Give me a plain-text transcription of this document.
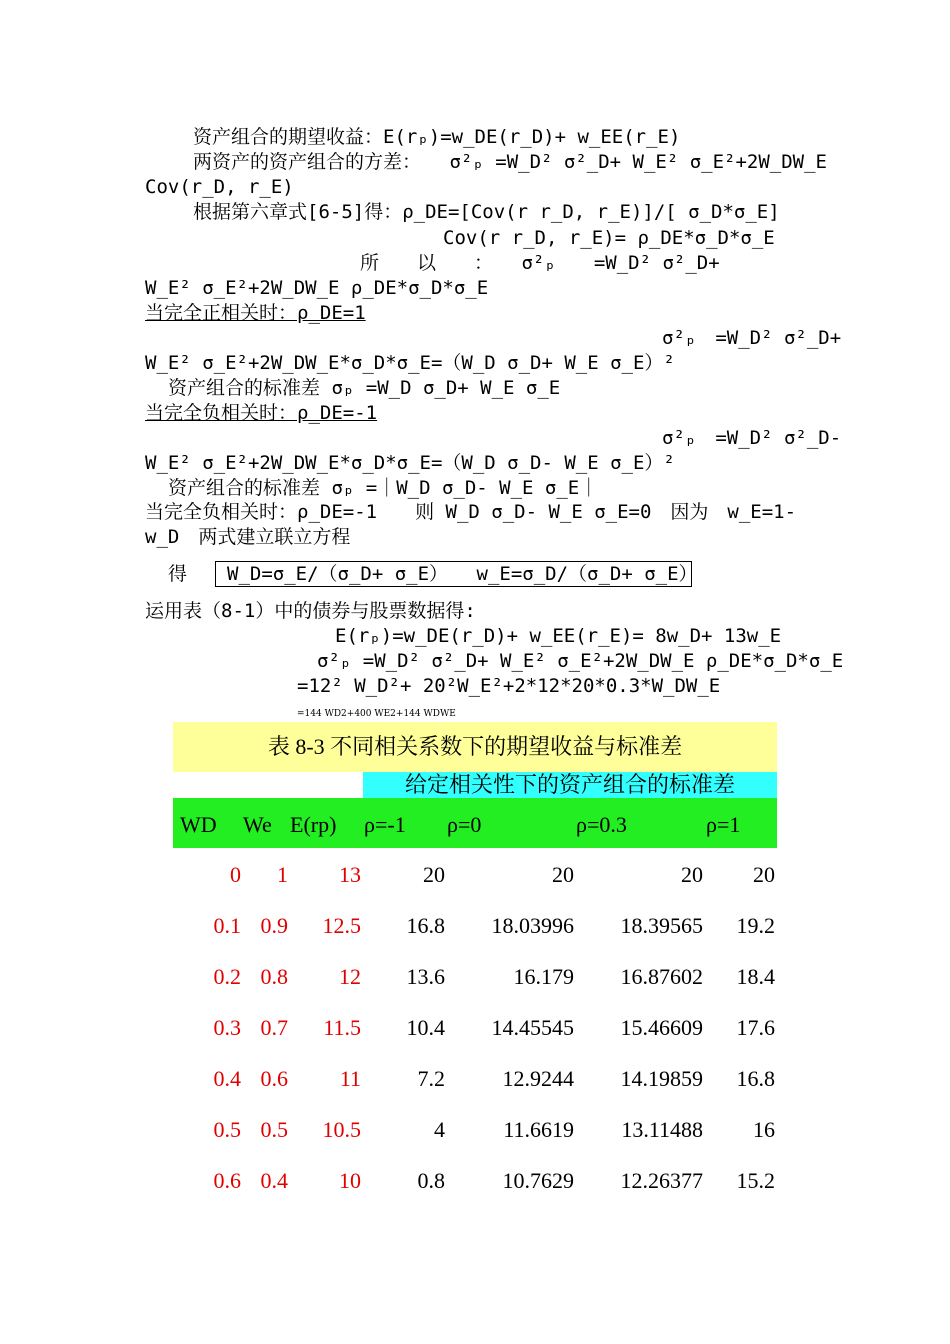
资产组合的期望收益：E(rₚ)=w_DE(r_D)+ w_EE(r_E)
两资产的资产组合的方差：　　σ²ₚ =W_D² σ²_D+ W_E² σ_E²+2W_DW_E
Cov(r_D, r_E)
根据第六章式[6-5]得：ρ_DE=[Cov(r r_D, r_E)]/[ σ_D*σ_E]
Cov(r r_D, r_E)= ρ_DE*σ_D*σ_E
所　　以　　：　　σ²ₚ　　=W_D² σ²_D+
W_E² σ_E²+2W_DW_E ρ_DE*σ_D*σ_E
当完全正相关时：ρ_DE=1
σ²ₚ　=W_D² σ²_D+
W_E² σ_E²+2W_DW_E*σ_D*σ_E=（W_D σ_D+ W_E σ_E）²
资产组合的标准差 σₚ =W_D σ_D+ W_E σ_E
当完全负相关时：ρ_DE=-1
σ²ₚ　=W_D² σ²_D-
W_E² σ_E²+2W_DW_E*σ_D*σ_E=（W_D σ_D- W_E σ_E）²
资产组合的标准差 σₚ =｜W_D σ_D- W_E σ_E｜
当完全负相关时：ρ_DE=-1　　则 W_D σ_D- W_E σ_E=0　因为　w_E=1-
w_D　两式建立联立方程
得 W_D=σ_E/（σ_D+ σ_E）　　w_E=σ_D/（σ_D+ σ_E）
运用表（8-1）中的债券与股票数据得:
E(rₚ)=w_DE(r_D)+ w_EE(r_E)= 8w_D+ 13w_E
σ²ₚ =W_D² σ²_D+ W_E² σ_E²+2W_DW_E ρ_DE*σ_D*σ_E
=12² W_D²+ 20²W_E²+2*12*20*0.3*W_DW_E
=144 WD2+400 WE2+144 WDWE
表 8-3 不同相关系数下的期望收益与标准差
给定相关性下的资产组合的标准差
WD We E(rp) ρ=-1 ρ=0	ρ=0.3	ρ=1
0	1	13	20	20	20	20
0.1 0.9	12.5	16.8	18.03996	18.39565	19.2
0.2 0.8	12	13.6	16.179	16.87602	18.4
0.3 0.7	11.5	10.4	14.45545	15.46609	17.6
0.4 0.6	11	7.2	12.9244	14.19859	16.8
0.5 0.5	10.5	4	11.6619	13.11488	16
0.6 0.4	10	0.8	10.7629	12.26377	15.2
